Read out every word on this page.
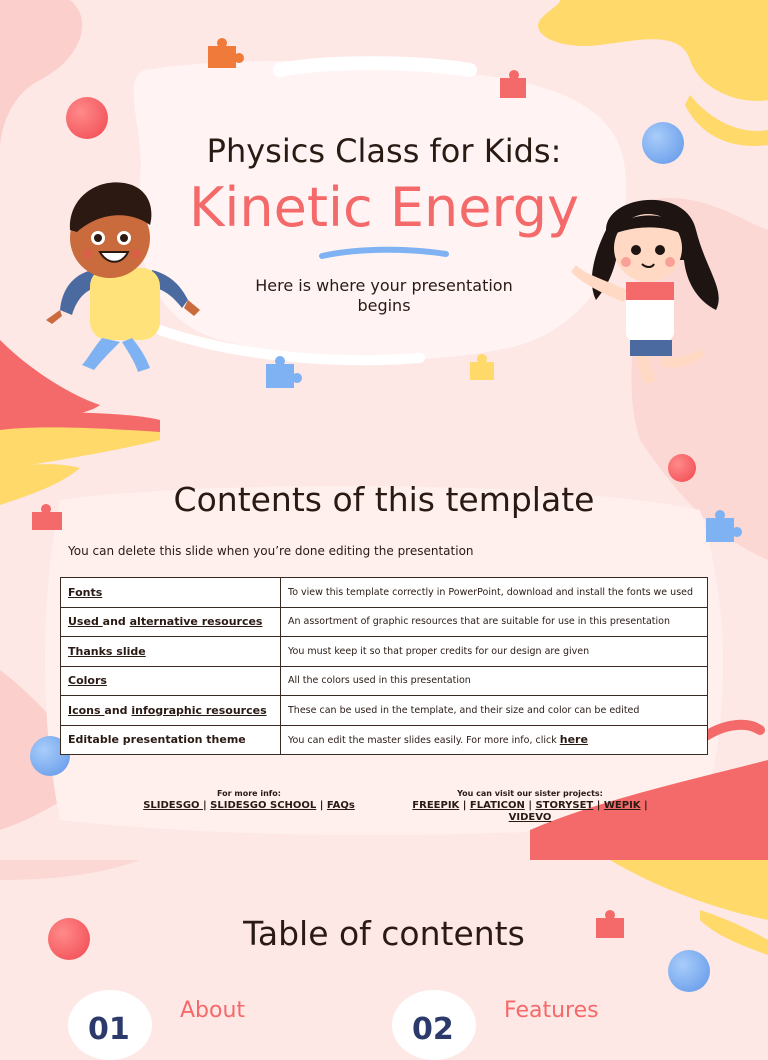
Physics Class for Kids:
Kinetic Energy
Here is where your presentation begins
Contents of this template
You can delete this slide when you’re done editing the presentation
Fonts	To view this template correctly in PowerPoint, download and install the fonts we used
Used and alternative resources	An assortment of graphic resources that are suitable for use in this presentation
Thanks slide	You must keep it so that proper credits for our design are given
Colors	All the colors used in this presentation
Icons and infographic resources	These can be used in the template, and their size and color can be edited
Editable presentation theme	You can edit the master slides easily. For more info, click here
For more info:
SLIDESGO | SLIDESGO SCHOOL | FAQs
You can visit our sister projects:
FREEPIK | FLATICON | STORYSET | WEPIK |
VIDEVO
Table of contents
01
About
02
Features
